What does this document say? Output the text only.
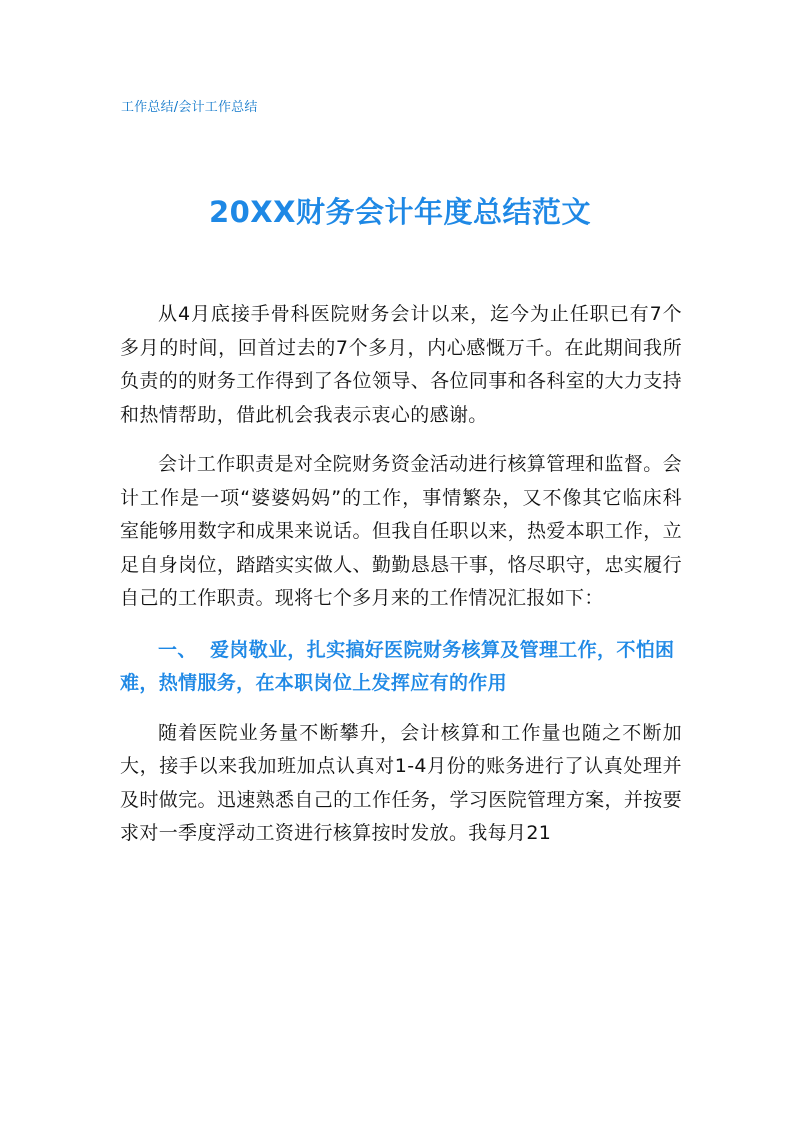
工作总结/会计工作总结
20XX财务会计年度总结范文

从4月底接手骨科医院财务会计以来，迄今为止任职已有7个多月的时间，回首过去的7个多月，内心感慨万千。在此期间我所负责的的财务工作得到了各位领导、各位同事和各科室的大力支持和热情帮助，借此机会我表示衷心的感谢。

会计工作职责是对全院财务资金活动进行核算管理和监督。会计工作是一项“婆婆妈妈”的工作，事情繁杂，又不像其它临床科室能够用数字和成果来说话。但我自任职以来，热爱本职工作，立足自身岗位，踏踏实实做人、勤勤恳恳干事，恪尽职守，忠实履行自己的工作职责。现将七个多月来的工作情况汇报如下：

一、 爱岗敬业，扎实搞好医院财务核算及管理工作，不怕困难，热情服务，在本职岗位上发挥应有的作用

随着医院业务量不断攀升，会计核算和工作量也随之不断加大，接手以来我加班加点认真对1-4月份的账务进行了认真处理并及时做完。迅速熟悉自己的工作任务，学习医院管理方案，并按要求对一季度浮动工资进行核算按时发放。我每月21
